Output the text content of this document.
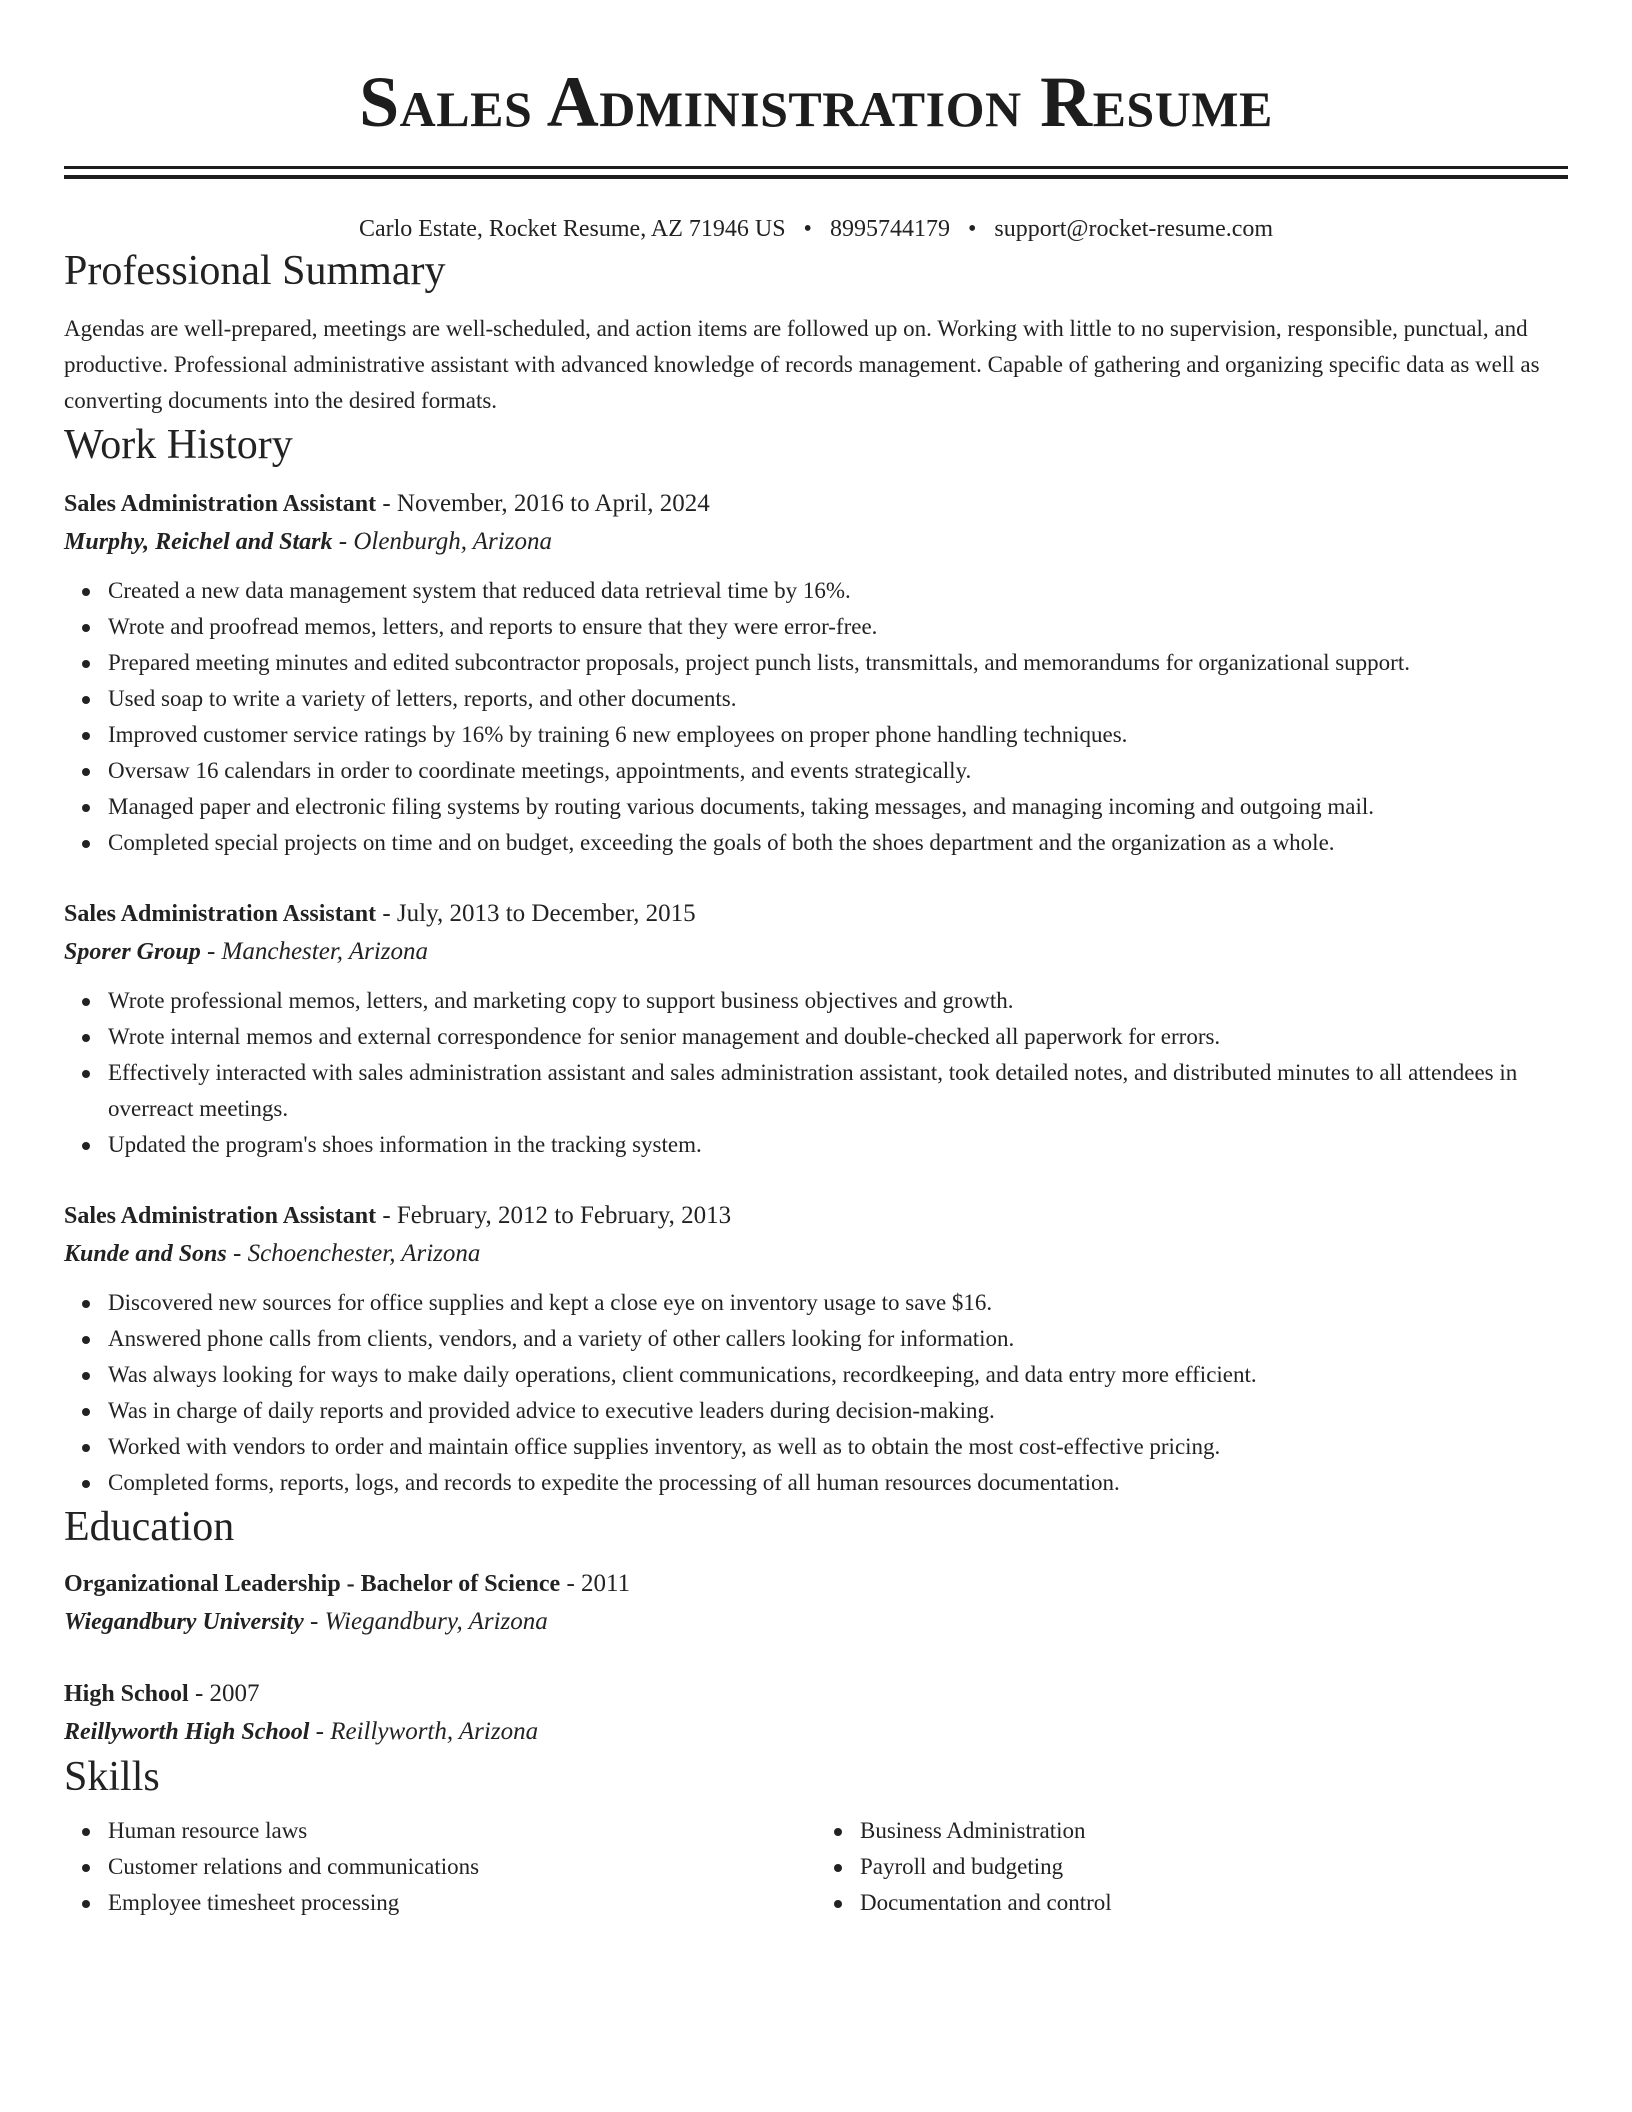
Sales Administration Resume
Carlo Estate, Rocket Resume, AZ 71946 US • 8995744179 • support@rocket-resume.com
Professional Summary

Agendas are well-prepared, meetings are well-scheduled, and action items are followed up on. Working with little to no supervision, responsible, punctual, and productive. Professional administrative assistant with advanced knowledge of records management. Capable of gathering and organizing specific data as well as converting documents into the desired formats.

Work History
Sales Administration Assistant - November, 2016 to April, 2024
Murphy, Reichel and Stark - Olenburgh, Arizona
Created a new data management system that reduced data retrieval time by 16%.
Wrote and proofread memos, letters, and reports to ensure that they were error-free.
Prepared meeting minutes and edited subcontractor proposals, project punch lists, transmittals, and memorandums for organizational support.
Used soap to write a variety of letters, reports, and other documents.
Improved customer service ratings by 16% by training 6 new employees on proper phone handling techniques.
Oversaw 16 calendars in order to coordinate meetings, appointments, and events strategically.
Managed paper and electronic filing systems by routing various documents, taking messages, and managing incoming and outgoing mail.
Completed special projects on time and on budget, exceeding the goals of both the shoes department and the organization as a whole.
Sales Administration Assistant - July, 2013 to December, 2015
Sporer Group - Manchester, Arizona
Wrote professional memos, letters, and marketing copy to support business objectives and growth.
Wrote internal memos and external correspondence for senior management and double-checked all paperwork for errors.
Effectively interacted with sales administration assistant and sales administration assistant, took detailed notes, and distributed minutes to all attendees in overreact meetings.
Updated the program's shoes information in the tracking system.
Sales Administration Assistant - February, 2012 to February, 2013
Kunde and Sons - Schoenchester, Arizona
Discovered new sources for office supplies and kept a close eye on inventory usage to save $16.
Answered phone calls from clients, vendors, and a variety of other callers looking for information.
Was always looking for ways to make daily operations, client communications, recordkeeping, and data entry more efficient.
Was in charge of daily reports and provided advice to executive leaders during decision-making.
Worked with vendors to order and maintain office supplies inventory, as well as to obtain the most cost-effective pricing.
Completed forms, reports, logs, and records to expedite the processing of all human resources documentation.
Education
Organizational Leadership - Bachelor of Science - 2011
Wiegandbury University - Wiegandbury, Arizona
High School - 2007
Reillyworth High School - Reillyworth, Arizona
Skills
Human resource laws
Customer relations and communications
Employee timesheet processing
Business Administration
Payroll and budgeting
Documentation and control
